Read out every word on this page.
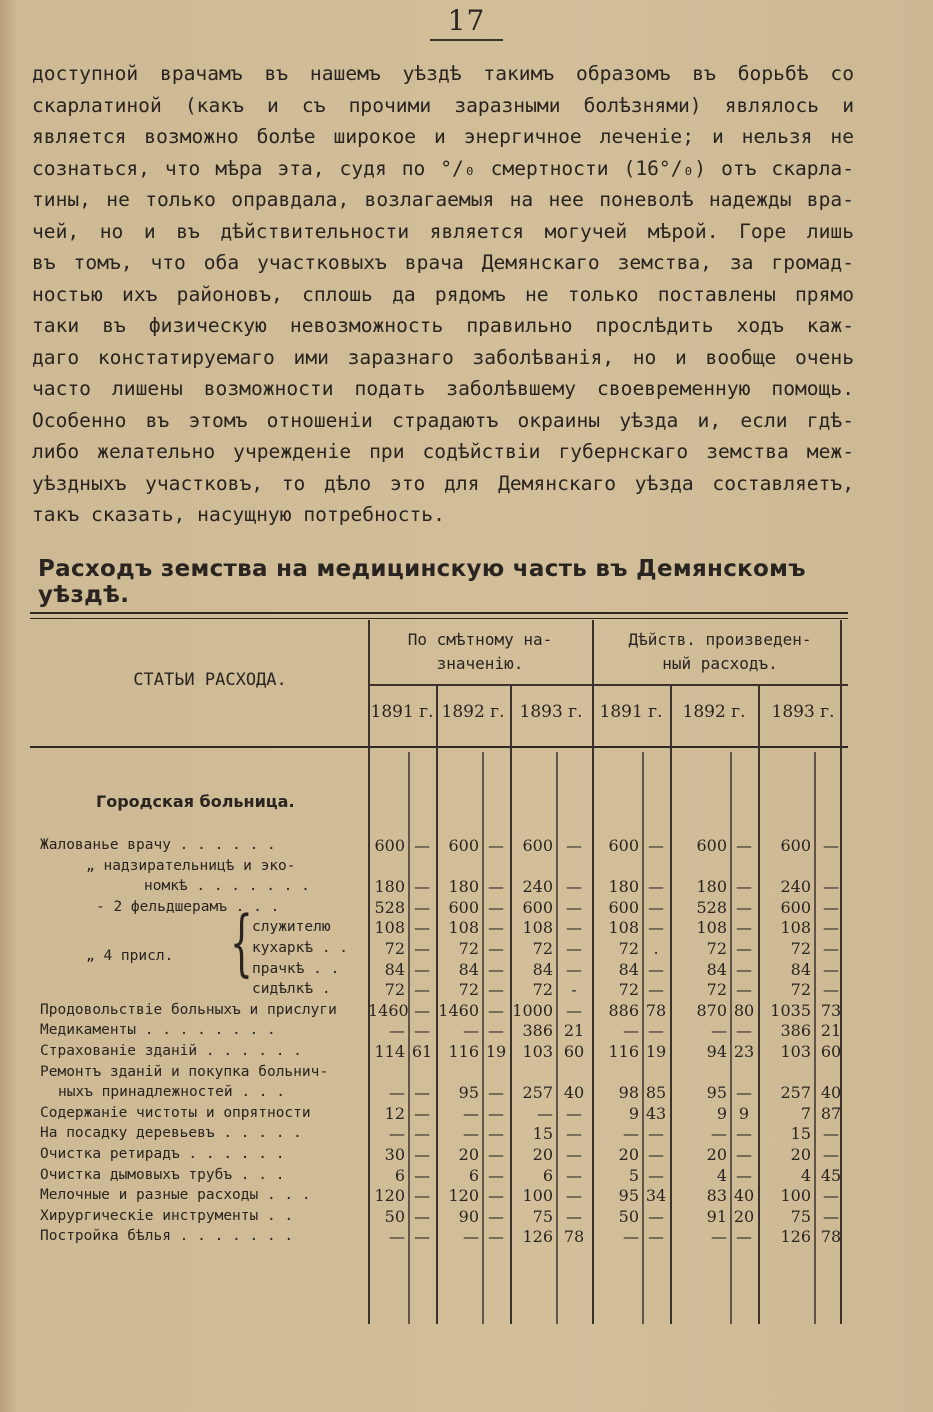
17
доступной врачамъ въ нашемъ уѣздѣ такимъ образомъ въ борьбѣ со
скарлатиной (какъ и съ прочими заразными болѣзнями) являлось и
является возможно болѣе широкое и энергичное леченіе; и нельзя не
сознаться, что мѣра эта, судя по °/₀ смертности (16°/₀) отъ скарла-
тины, не только оправдала, возлагаемыя на нее поневолѣ надежды вра-
чей, но и въ дѣйствительности является могучей мѣрой. Горе лишь
въ томъ, что оба участковыхъ врача Демянскаго земства, за громад-
ностью ихъ районовъ, сплошь да рядомъ не только поставлены прямо
таки въ физическую невозможность правильно прослѣдить ходъ каж-
даго констатируемаго ими заразнаго заболѣванія, но и вообще очень
часто лишены возможности подать заболѣвшему своевременную помощь.
Особенно въ этомъ отношеніи страдаютъ окраины уѣзда и, если гдѣ-
либо желательно учрежденіе при содѣйствіи губернскаго земства меж-
уѣздныхъ участковъ, то дѣло это для Демянскаго уѣзда составляетъ,
такъ сказать, насущную потребность.
Расходъ земства на медицинскую часть въ Демянскомъ уѣздѣ.
СТАТЬИ РАСХОДА.
По смѣтному на-
значенію.
Дѣйств. произведен-
ный расходъ.
Городская больница.
„ 4 присл. {
1891 г. 1892 г. 1893 г.	1891 г.	1892 г.	1893 г.
Жалованье врачу . . . . . .	600 —	600 —	600 —	600 —	600 —	600 —
„ надзирательницѣ и эко-
номкѣ . . . . . . .	180 —	180 —	240 —	180 —	180 —	240 —
- 2 фельдшерамъ . . .	528 —	600 —	600 —	600 —	528 —	600 —
служителю	108 —	108 —	108 —	108 —	108 —	108 —
кухаркѣ . .	72 —	72 —	72 —	72 .	72 —	72 —
прачкѣ . .	84 —	84 —	84 —	84 —	84 —	84 —
сидѣлкѣ .	72 —	72 —	72	-	72 —	72 —	72 —
Продовольствіе больныхъ и прислуги 1460 — 1460 — 1000 —	886 78	870 80	1035 73
Медикаменты . . . . . . . .	— —	— —	386 21	— —	— —	386 21
Страхованіе зданій . . . . . .	114 61	116 19	103 60	116 19	94 23	103 60
Ремонтъ зданій и покупка больнич-
ныхъ принадлежностей . . .	— —	95 —	257 40	98 85	95 —	257 40
Содержаніе чистоты и опрятности	12 —	— —	— —	9 43	9 9	7 87
На посадку деревьевъ . . . . .	— —	— —	15 —	— —	— —	15 —
Очистка ретирадъ . . . . . .	30 —	20 —	20 —	20 —	20 —	20 —
Очистка дымовыхъ трубъ . . .	6 —	6 —	6 —	5 —	4 —	4 45
Мелочные и разные расходы . . .	120 —	120 —	100 —	95 34	83 40	100 —
Хирургическіе инструменты . .	50 —	90 —	75 —	50 —	91 20	75 —
Постройка бѣлья . . . . . . .	— —	— —	126 78	— —	— —	126 78
